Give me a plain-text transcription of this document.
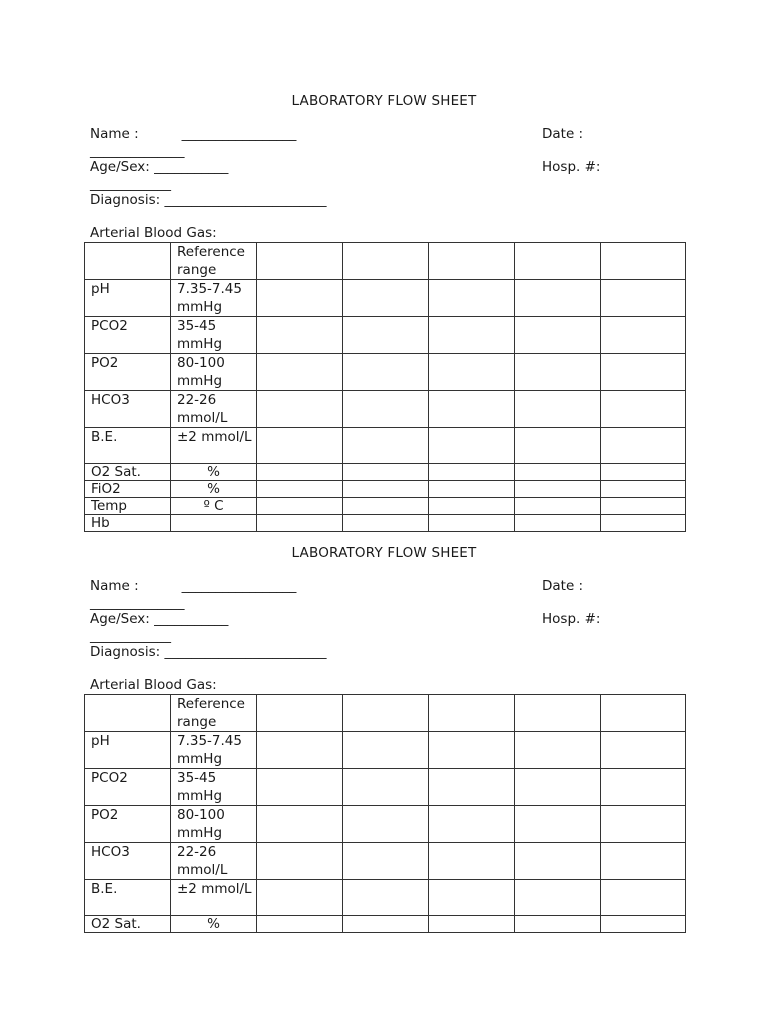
LABORATORY FLOW SHEET
Name :          _________________	Date :
______________
Age/Sex: ___________	Hosp. #:
____________
Diagnosis: ________________________
Arterial Blood Gas:
	Reference range					
pH	7.35-7.45 mmHg					
PCO2	35-45 mmHg					
PO2	80-100 mmHg					
HCO3	22-26 mmol/L					
B.E.	±2 mmol/L					
O2 Sat.	%					
FiO2	%					
Temp	º C					
Hb						
LABORATORY FLOW SHEET
Name :          _________________	Date :
______________
Age/Sex: ___________	Hosp. #:
____________
Diagnosis: ________________________
Arterial Blood Gas:
	Reference range					
pH	7.35-7.45 mmHg					
PCO2	35-45 mmHg					
PO2	80-100 mmHg					
HCO3	22-26 mmol/L					
B.E.	±2 mmol/L					
O2 Sat.	%					
